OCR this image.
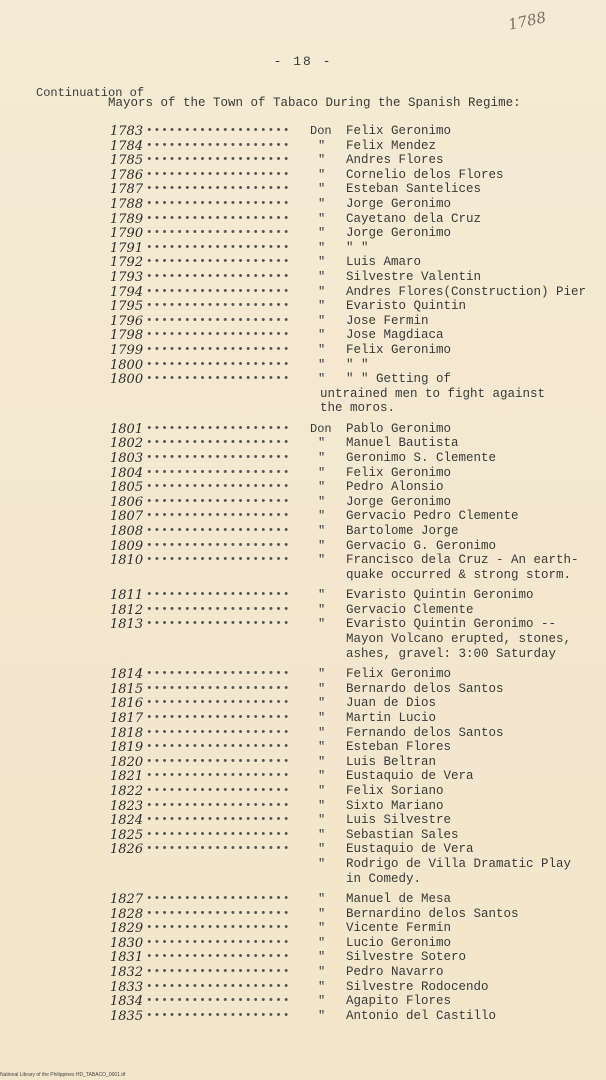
1788
- 18 -
Continuation of
Mayors of the Town of Tabaco During the Spanish Regime:
1783 ••••••••••••••••••• Don Felix Geronimo
1784 ••••••••••••••••••• " Felix Mendez
1785 ••••••••••••••••••• " Andres Flores
1786 ••••••••••••••••••• " Cornelio delos Flores
1787 ••••••••••••••••••• " Esteban Santelices
1788 ••••••••••••••••••• " Jorge Geronimo
1789 ••••••••••••••••••• " Cayetano dela Cruz
1790 ••••••••••••••••••• " Jorge Geronimo
1791 ••••••••••••••••••• " " "
1792 ••••••••••••••••••• " Luis Amaro
1793 ••••••••••••••••••• " Silvestre Valentin
1794 ••••••••••••••••••• " Andres Flores(Construction) Pier
1795 ••••••••••••••••••• " Evaristo Quintin
1796 ••••••••••••••••••• " Jose Fermin
1798 ••••••••••••••••••• " Jose Magdiaca
1799 ••••••••••••••••••• " Felix Geronimo
1800 ••••••••••••••••••• " " "
1800 ••••••••••••••••••• " " " Getting of
untrained men to fight against
the moros.
1801 ••••••••••••••••••• Don Pablo Geronimo
1802 ••••••••••••••••••• " Manuel Bautista
1803 ••••••••••••••••••• " Geronimo S. Clemente
1804 ••••••••••••••••••• " Felix Geronimo
1805 ••••••••••••••••••• " Pedro Alonsio
1806 ••••••••••••••••••• " Jorge Geronimo
1807 ••••••••••••••••••• " Gervacio Pedro Clemente
1808 ••••••••••••••••••• " Bartolome Jorge
1809 ••••••••••••••••••• " Gervacio G. Geronimo
1810 ••••••••••••••••••• " Francisco dela Cruz - An earth-
quake occurred & strong storm.
1811 ••••••••••••••••••• " Evaristo Quintin Geronimo
1812 ••••••••••••••••••• " Gervacio Clemente
1813 ••••••••••••••••••• " Evaristo Quintin Geronimo --
Mayon Volcano erupted, stones,
ashes, gravel: 3:00 Saturday
1814 ••••••••••••••••••• " Felix Geronimo
1815 ••••••••••••••••••• " Bernardo delos Santos
1816 ••••••••••••••••••• " Juan de Dios
1817 ••••••••••••••••••• " Martin Lucio
1818 ••••••••••••••••••• " Fernando delos Santos
1819 ••••••••••••••••••• " Esteban Flores
1820 ••••••••••••••••••• " Luis Beltran
1821 ••••••••••••••••••• " Eustaquio de Vera
1822 ••••••••••••••••••• " Felix Soriano
1823 ••••••••••••••••••• " Sixto Mariano
1824 ••••••••••••••••••• " Luis Silvestre
1825 ••••••••••••••••••• " Sebastian Sales
1826 ••••••••••••••••••• " Eustaquio de Vera
" Rodrigo de Villa Dramatic Play
in Comedy.
1827 ••••••••••••••••••• " Manuel de Mesa
1828 ••••••••••••••••••• " Bernardino delos Santos
1829 ••••••••••••••••••• " Vicente Fermin
1830 ••••••••••••••••••• " Lucio Geronimo
1831 ••••••••••••••••••• " Silvestre Sotero
1832 ••••••••••••••••••• " Pedro Navarro
1833 ••••••••••••••••••• " Silvestre Rodocendo
1834 ••••••••••••••••••• " Agapito Flores
1835 ••••••••••••••••••• " Antonio del Castillo
National Library of the Philippines HD_TABACO_0001.tif
